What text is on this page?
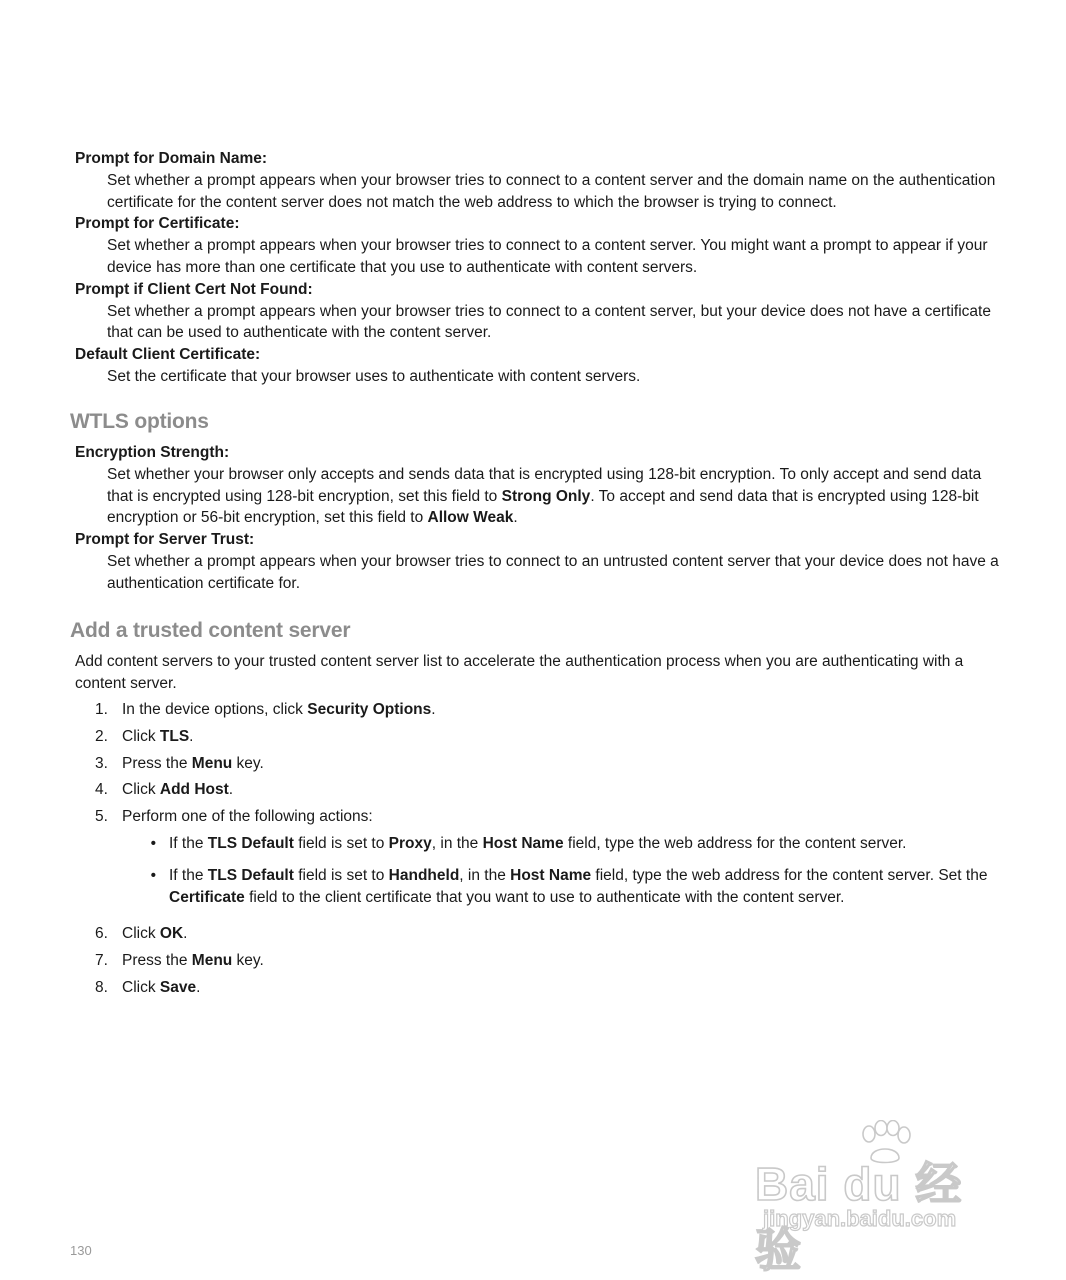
Prompt for Domain Name:

Set whether a prompt appears when your browser tries to connect to a content server and the domain name on the authentication certificate for the content server does not match the web address to which the browser is trying to connect.

Prompt for Certificate:

Set whether a prompt appears when your browser tries to connect to a content server. You might want a prompt to appear if your device has more than one certificate that you use to authenticate with content servers.

Prompt if Client Cert Not Found:

Set whether a prompt appears when your browser tries to connect to a content server, but your device does not have a certificate that can be used to authenticate with the content server.

Default Client Certificate:

Set the certificate that your browser uses to authenticate with content servers.

WTLS options

Encryption Strength:

Set whether your browser only accepts and sends data that is encrypted using 128-bit encryption. To only accept and send data that is encrypted using 128-bit encryption, set this field to Strong Only. To accept and send data that is encrypted using 128-bit encryption or 56-bit encryption, set this field to Allow Weak.

Prompt for Server Trust:

Set whether a prompt appears when your browser tries to connect to an untrusted content server that your device does not have a authentication certificate for.

Add a trusted content server

Add content servers to your trusted content server list to accelerate the authentication process when you are authenticating with a content server.

1. In the device options, click Security Options.
2. Click TLS.
3. Press the Menu key.
4. Click Add Host.
5. Perform one of the following actions:
• If the TLS Default field is set to Proxy, in the Host Name field, type the web address for the content server.
• If the TLS Default field is set to Handheld, in the Host Name field, type the web address for the content server. Set the Certificate field to the client certificate that you want to use to authenticate with the content server.
6. Click OK.
7. Press the Menu key.
8. Click Save.
Bai du 经验
jingyan.baidu.com
130
